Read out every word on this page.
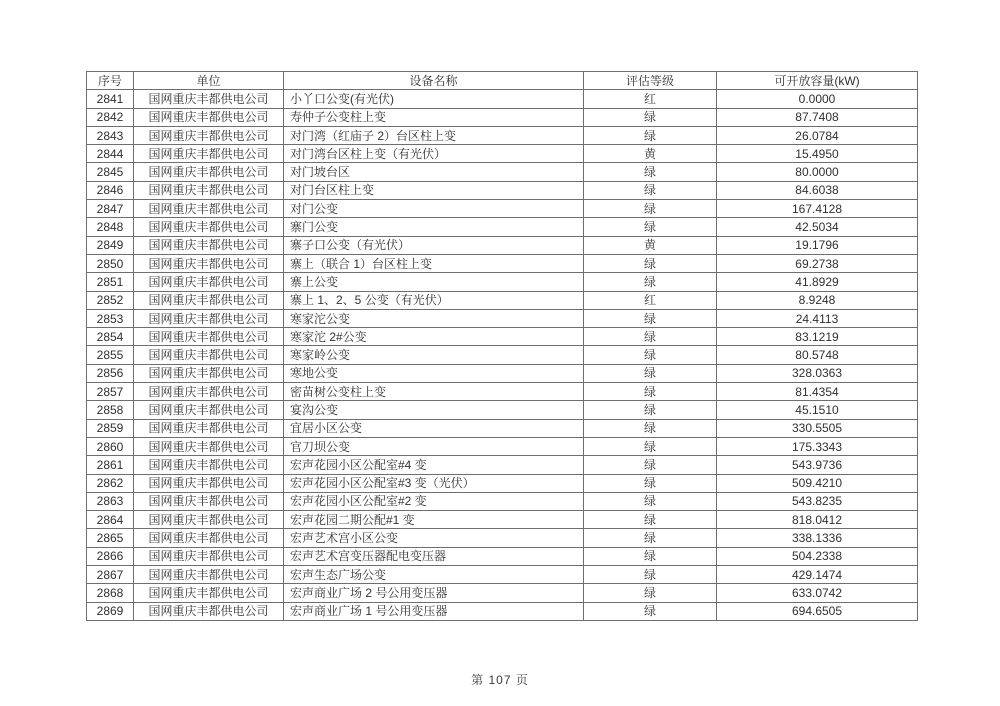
序号	单位	设备名称	评估等级	可开放容量(kW)
2841	国网重庆丰都供电公司	小丫口公变(有光伏)	红	0.0000
2842	国网重庆丰都供电公司	寿仲子公变柱上变	绿	87.7408
2843	国网重庆丰都供电公司	对门湾（红庙子 2）台区柱上变	绿	26.0784
2844	国网重庆丰都供电公司	对门湾台区柱上变（有光伏）	黄	15.4950
2845	国网重庆丰都供电公司	对门坡台区	绿	80.0000
2846	国网重庆丰都供电公司	对门台区柱上变	绿	84.6038
2847	国网重庆丰都供电公司	对门公变	绿	167.4128
2848	国网重庆丰都供电公司	寨门公变	绿	42.5034
2849	国网重庆丰都供电公司	寨子口公变（有光伏）	黄	19.1796
2850	国网重庆丰都供电公司	寨上（联合 1）台区柱上变	绿	69.2738
2851	国网重庆丰都供电公司	寨上公变	绿	41.8929
2852	国网重庆丰都供电公司	寨上 1、2、5 公变（有光伏）	红	8.9248
2853	国网重庆丰都供电公司	寒家沱公变	绿	24.4113
2854	国网重庆丰都供电公司	寒家沱 2#公变	绿	83.1219
2855	国网重庆丰都供电公司	寒家岭公变	绿	80.5748
2856	国网重庆丰都供电公司	寒地公变	绿	328.0363
2857	国网重庆丰都供电公司	密苗树公变柱上变	绿	81.4354
2858	国网重庆丰都供电公司	宴沟公变	绿	45.1510
2859	国网重庆丰都供电公司	宜居小区公变	绿	330.5505
2860	国网重庆丰都供电公司	官刀坝公变	绿	175.3343
2861	国网重庆丰都供电公司	宏声花园小区公配室#4 变	绿	543.9736
2862	国网重庆丰都供电公司	宏声花园小区公配室#3 变（光伏）	绿	509.4210
2863	国网重庆丰都供电公司	宏声花园小区公配室#2 变	绿	543.8235
2864	国网重庆丰都供电公司	宏声花园二期公配#1 变	绿	818.0412
2865	国网重庆丰都供电公司	宏声艺术宫小区公变	绿	338.1336
2866	国网重庆丰都供电公司	宏声艺术宫变压器配电变压器	绿	504.2338
2867	国网重庆丰都供电公司	宏声生态广场公变	绿	429.1474
2868	国网重庆丰都供电公司	宏声商业广场 2 号公用变压器	绿	633.0742
2869	国网重庆丰都供电公司	宏声商业广场 1 号公用变压器	绿	694.6505
第 107 页
